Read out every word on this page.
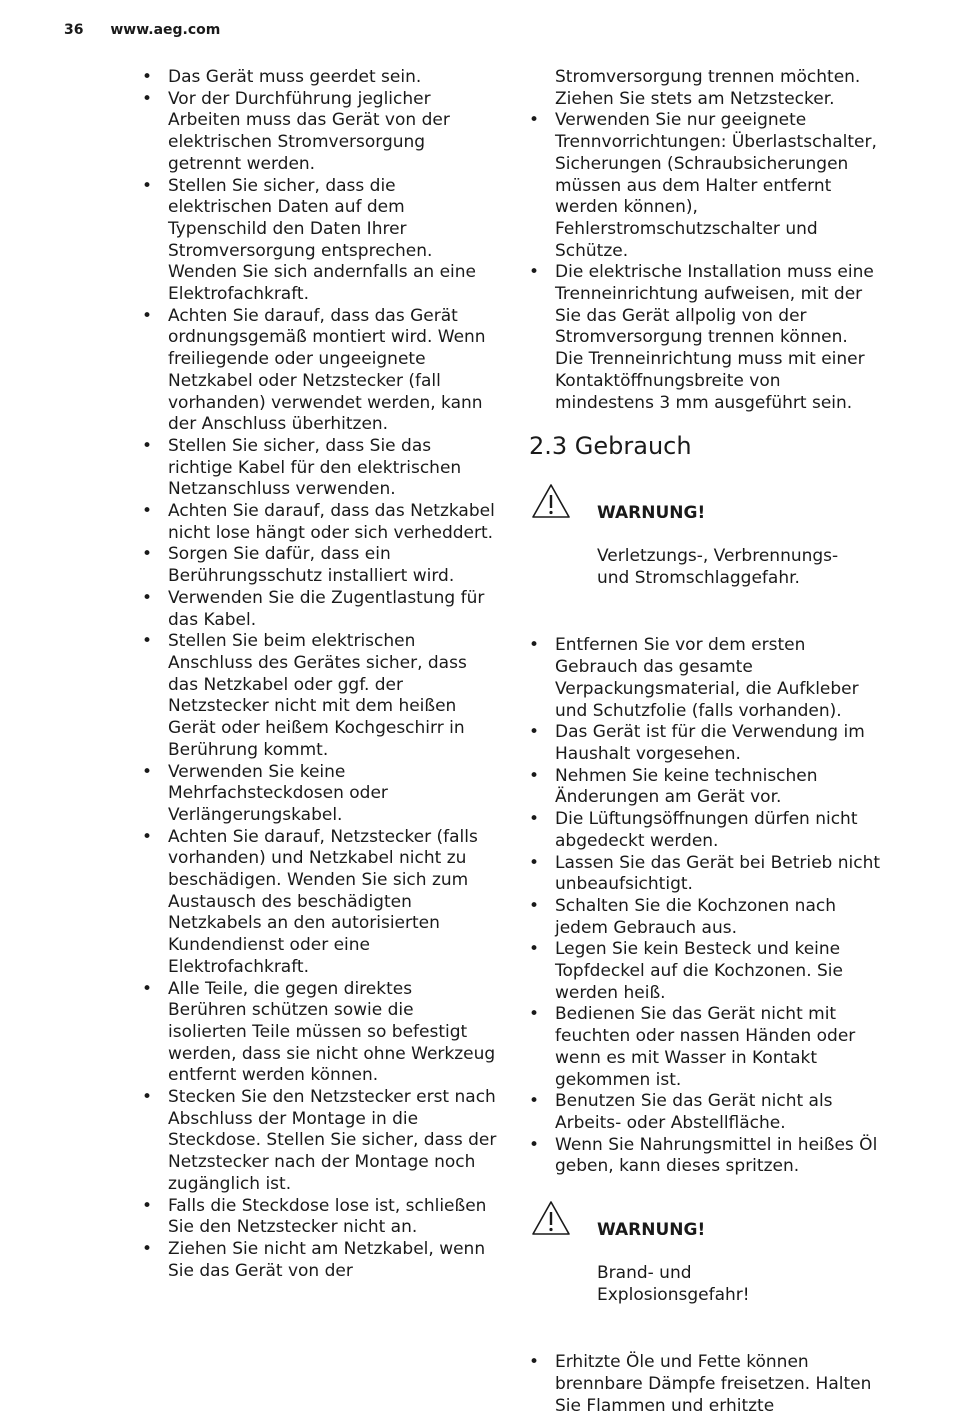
36 www.aeg.com
• Das Gerät muss geerdet sein.
• Vor der Durchführung jeglicher
Arbeiten muss das Gerät von der
elektrischen Stromversorgung
getrennt werden.
• Stellen Sie sicher, dass die
elektrischen Daten auf dem
Typenschild den Daten Ihrer
Stromversorgung entsprechen.
Wenden Sie sich andernfalls an eine
Elektrofachkraft.
• Achten Sie darauf, dass das Gerät
ordnungsgemäß montiert wird. Wenn
freiliegende oder ungeeignete
Netzkabel oder Netzstecker (fall
vorhanden) verwendet werden, kann
der Anschluss überhitzen.
• Stellen Sie sicher, dass Sie das
richtige Kabel für den elektrischen
Netzanschluss verwenden.
• Achten Sie darauf, dass das Netzkabel
nicht lose hängt oder sich verheddert.
• Sorgen Sie dafür, dass ein
Berührungsschutz installiert wird.
• Verwenden Sie die Zugentlastung für
das Kabel.
• Stellen Sie beim elektrischen
Anschluss des Gerätes sicher, dass
das Netzkabel oder ggf. der
Netzstecker nicht mit dem heißen
Gerät oder heißem Kochgeschirr in
Berührung kommt.
• Verwenden Sie keine
Mehrfachsteckdosen oder
Verlängerungskabel.
• Achten Sie darauf, Netzstecker (falls
vorhanden) und Netzkabel nicht zu
beschädigen. Wenden Sie sich zum
Austausch des beschädigten
Netzkabels an den autorisierten
Kundendienst oder eine
Elektrofachkraft.
• Alle Teile, die gegen direktes
Berühren schützen sowie die
isolierten Teile müssen so befestigt
werden, dass sie nicht ohne Werkzeug
entfernt werden können.
• Stecken Sie den Netzstecker erst nach
Abschluss der Montage in die
Steckdose. Stellen Sie sicher, dass der
Netzstecker nach der Montage noch
zugänglich ist.
• Falls die Steckdose lose ist, schließen
Sie den Netzstecker nicht an.
• Ziehen Sie nicht am Netzkabel, wenn
Sie das Gerät von der
Stromversorgung trennen möchten.
Ziehen Sie stets am Netzstecker.
• Verwenden Sie nur geeignete
Trennvorrichtungen: Überlastschalter,
Sicherungen (Schraubsicherungen
müssen aus dem Halter entfernt
werden können),
Fehlerstromschutzschalter und
Schütze.
• Die elektrische Installation muss eine
Trenneinrichtung aufweisen, mit der
Sie das Gerät allpolig von der
Stromversorgung trennen können.
Die Trenneinrichtung muss mit einer
Kontaktöffnungsbreite von
mindestens 3 mm ausgeführt sein.
2.3 Gebrauch

WARNUNG!

Verletzungs-, Verbrennungs-
und Stromschlaggefahr.

• Entfernen Sie vor dem ersten
Gebrauch das gesamte
Verpackungsmaterial, die Aufkleber
und Schutzfolie (falls vorhanden).
• Das Gerät ist für die Verwendung im
Haushalt vorgesehen.
• Nehmen Sie keine technischen
Änderungen am Gerät vor.
• Die Lüftungsöffnungen dürfen nicht
abgedeckt werden.
• Lassen Sie das Gerät bei Betrieb nicht
unbeaufsichtigt.
• Schalten Sie die Kochzonen nach
jedem Gebrauch aus.
• Legen Sie kein Besteck und keine
Topfdeckel auf die Kochzonen. Sie
werden heiß.
• Bedienen Sie das Gerät nicht mit
feuchten oder nassen Händen oder
wenn es mit Wasser in Kontakt
gekommen ist.
• Benutzen Sie das Gerät nicht als
Arbeits- oder Abstellfläche.
• Wenn Sie Nahrungsmittel in heißes Öl
geben, kann dieses spritzen.

WARNUNG!

Brand- und
Explosionsgefahr!

• Erhitzte Öle und Fette können
brennbare Dämpfe freisetzen. Halten
Sie Flammen und erhitzte
